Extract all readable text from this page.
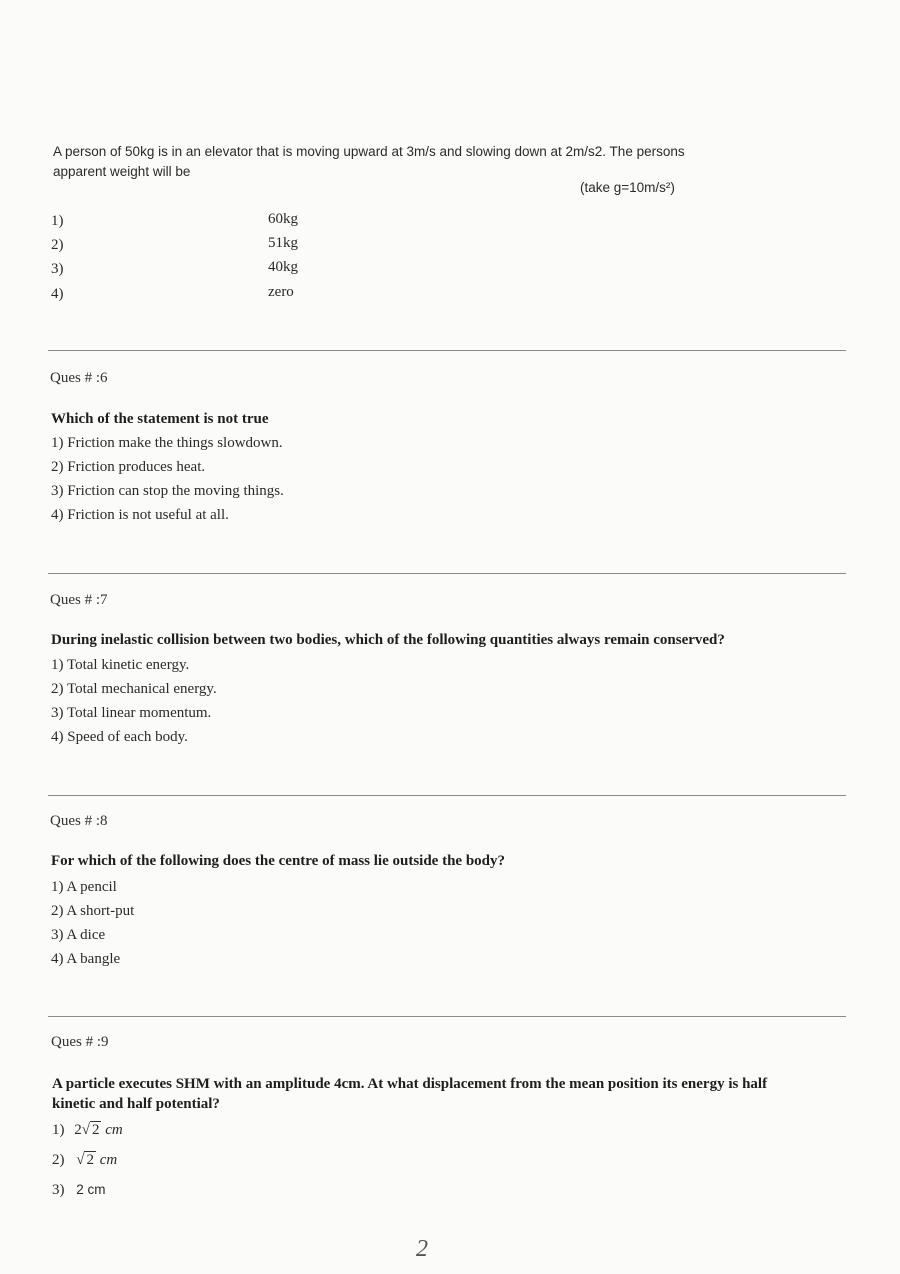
A person of 50kg is in an elevator that is moving upward at 3m/s and slowing down at 2m/s2. The persons apparent weight will be
(take g=10m/s²)
1)	60kg
2)	51kg
3)	40kg
4)	zero
Ques # :6
Which of the statement is not true
1) Friction make the things slowdown.
2) Friction produces heat.
3) Friction can stop the moving things.
4) Friction is not useful at all.
Ques # :7
During inelastic collision between two bodies, which of the following quantities always remain conserved?
1) Total kinetic energy.
2) Total mechanical energy.
3) Total linear momentum.
4) Speed of each body.
Ques # :8
For which of the following does the centre of mass lie outside the body?
1) A pencil
2) A short-put
3) A dice
4) A bangle
Ques # :9
A particle executes SHM with an amplitude 4cm. At what displacement from the mean position its energy is half kinetic and half potential?
1) 2√ 2 cm
2) √ 2 cm
3) 2 cm
2
